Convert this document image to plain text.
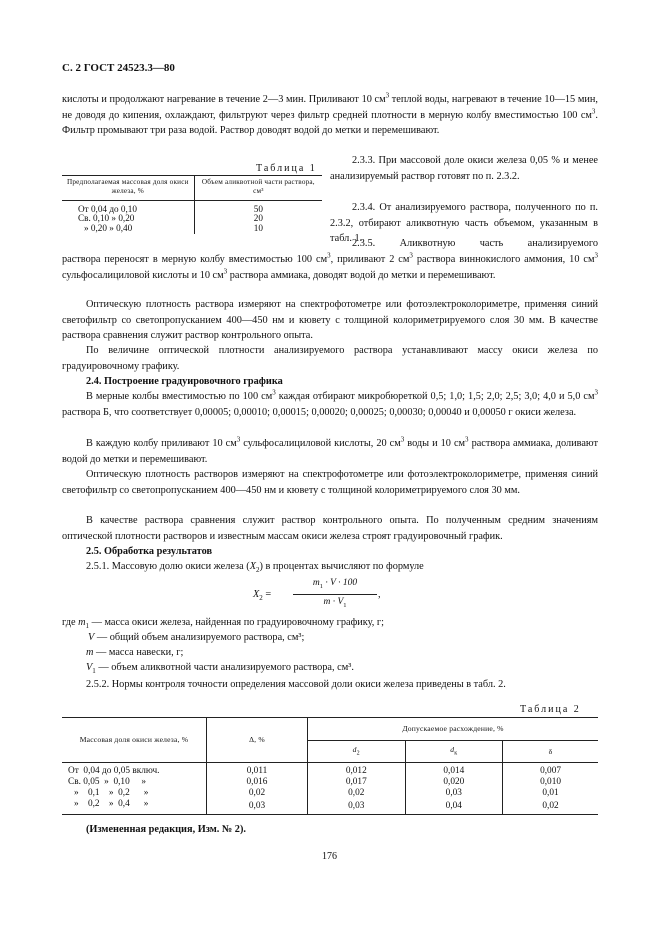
С. 2 ГОСТ 24523.3—80
кислоты и продолжают нагревание в течение 2—3 мин. Приливают 10 $см^3$ теплой воды, нагревают в течение 10—15 мин, не доводя до кипения, охлаждают, фильтруют через фильтр средней плотности в мерную колбу вместимостью 100 $см^3$. Фильтр промывают три раза водой. Раствор доводят водой до метки и перемешивают.
Таблица 1
Предполагаемая массовая доля окиси железа, %	Объем аликвотной части раствора, см³

От 0,04 до 0,10	50
Св. 0,10 » 0,20	20
» 0,20 » 0,40	10
2.3.3. При массовой доле окиси железа 0,05 % и менее анализируемый раствор готовят по п. 2.3.2.
2.3.4. От анализируемого раствора, полученного по п. 2.3.2, отбирают аликвотную часть объемом, указанным в табл. 1.
2.3.5. Аликвотную часть анализируемого
раствора переносят в мерную колбу вместимостью 100 $см^3$, приливают 2 $см^3$ раствора виннокислого аммония, 10 $см^3$ сульфосалициловой кислоты и 10 $см^3$ раствора аммиака, доводят водой до метки и перемешивают.
Оптическую плотность раствора измеряют на спектрофотометре или фотоэлектроколориметре, применяя синий светофильтр со светопропусканием 400—450 нм и кювету с толщиной колориметрируемого слоя 30 мм. В качестве раствора сравнения служит раствор контрольного опыта.
По величине оптической плотности анализируемого раствора устанавливают массу окиси железа по градуировочному графику.
2.4. Построение градуировочного графика
В мерные колбы вместимостью по 100 $см^3$ каждая отбирают микробюреткой 0,5; 1,0; 1,5; 2,0; 2,5; 3,0; 4,0 и 5,0 $см^3$ раствора Б, что соответствует 0,00005; 0,00010; 0,00015; 0,00020; 0,00025; 0,00030; 0,00040 и 0,00050 г окиси железа.
В каждую колбу приливают 10 $см^3$ сульфосалициловой кислоты, 20 $см^3$ воды и 10 $см^3$ раствора аммиака, доливают водой до метки и перемешивают.
Оптическую плотность растворов измеряют на спектрофотометре или фотоэлектроколориметре, применяя синий светофильтр со светопропусканием 400—450 нм и кювету с толщиной колориметрируемого слоя 30 мм.
В качестве раствора сравнения служит раствор контрольного опыта. По полученным средним значениям оптической плотности растворов и известным массам окиси железа строят градуировочный график.
2.5. Обработка результатов
2.5.1. Массовую долю окиси железа $(X_2)$ в процентах вычисляют по формуле
$X_2$ =
$m_1 \cdot V \cdot 100$
$m \cdot V_1$
,
где $m_1$ — масса окиси железа, найденная по градуировочному графику, г;
V — общий объем анализируемого раствора, см³;
m — масса навески, г;
$V_1$ — объем аликвотной части анализируемого раствора, см³.
2.5.2. Нормы контроля точности определения массовой доли окиси железа приведены в табл. 2.
Таблица 2
Массовая доля окиси железа, %	Δ, %	Допускаемое расхождение, %		
		$d_2$	$d_к$	δ

От  0,04 до 0,05 включ.	0,011	0,012	0,014	0,007
Св. 0,05  »  0,10     »	0,016	0,017	0,020	0,010
»    0,1    »  0,2      »	0,02	0,02	0,03	0,01
»    0,2    »  0,4      »	0,03	0,03	0,04	0,02
(Измененная редакция, Изм. № 2).
176
